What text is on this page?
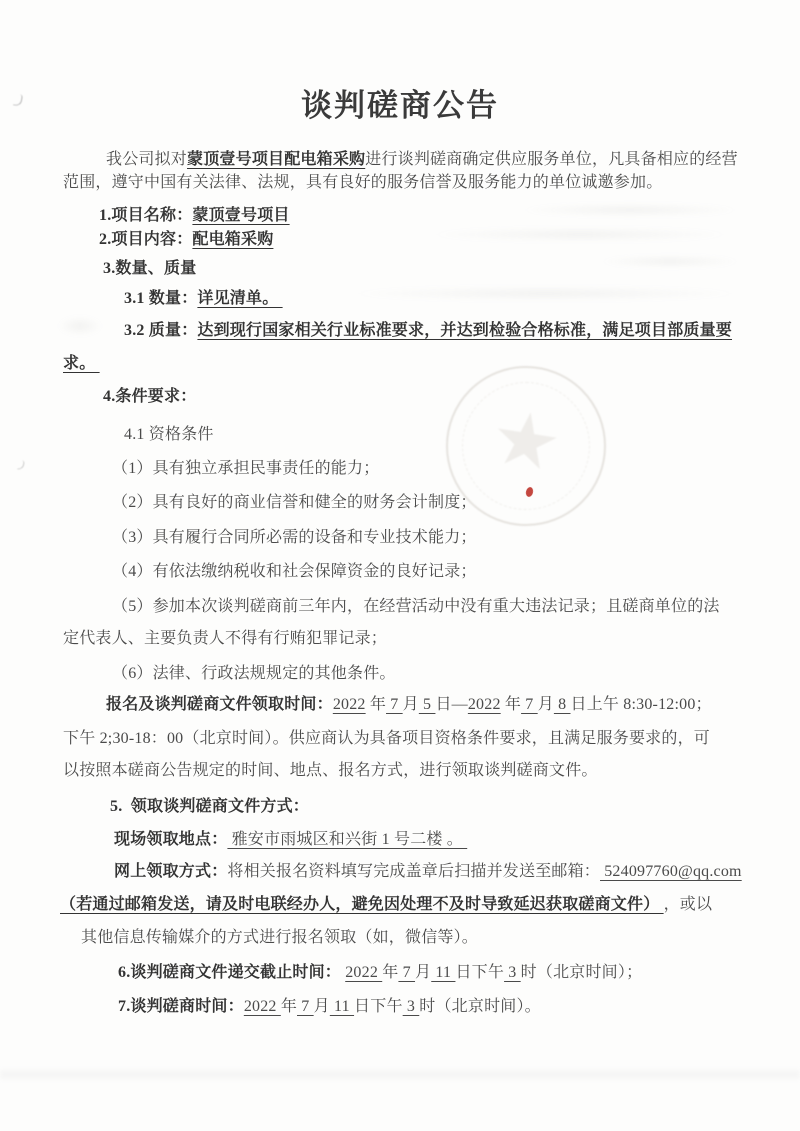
谈判磋商公告
我公司拟对蒙顶壹号项目配电箱采购进行谈判磋商确定供应服务单位，凡具备相应的经营
范围，遵守中国有关法律、法规，具有良好的服务信誉及服务能力的单位诚邀参加。
1.项目名称：蒙顶壹号项目
2.项目内容：配电箱采购
3.数量、质量
3.1 数量：详见清单。
3.2 质量：达到现行国家相关行业标准要求，并达到检验合格标准，满足项目部质量要
求。
4.条件要求：
4.1 资格条件
（1）具有独立承担民事责任的能力；
（2）具有良好的商业信誉和健全的财务会计制度；
（3）具有履行合同所必需的设备和专业技术能力；
（4）有依法缴纳税收和社会保障资金的良好记录；
（5）参加本次谈判磋商前三年内，在经营活动中没有重大违法记录；且磋商单位的法
定代表人、主要负责人不得有行贿犯罪记录；
（6）法律、行政法规规定的其他条件。
报名及谈判磋商文件领取时间：2022 年 7 月 5 日—2022 年 7 月 8 日上午 8:30-12:00；
下午 2;30-18：00（北京时间）。供应商认为具备项目资格条件要求，且满足服务要求的，可
以按照本磋商公告规定的时间、地点、报名方式，进行领取谈判磋商文件。
5.  领取谈判磋商文件方式：
现场领取地点： 雅安市雨城区和兴街 1 号二楼 。
网上领取方式：将相关报名资料填写完成盖章后扫描并发送至邮箱： 524097760@qq.com
（若通过邮箱发送，请及时电联经办人，避免因处理不及时导致延迟获取磋商文件） ，或以
其他信息传输媒介的方式进行报名领取（如，微信等）。
6.谈判磋商文件递交截止时间： 2022 年 7 月 11 日下午 3 时（北京时间）；
7.谈判磋商时间：2022 年 7 月 11 日下午 3 时（北京时间）。
